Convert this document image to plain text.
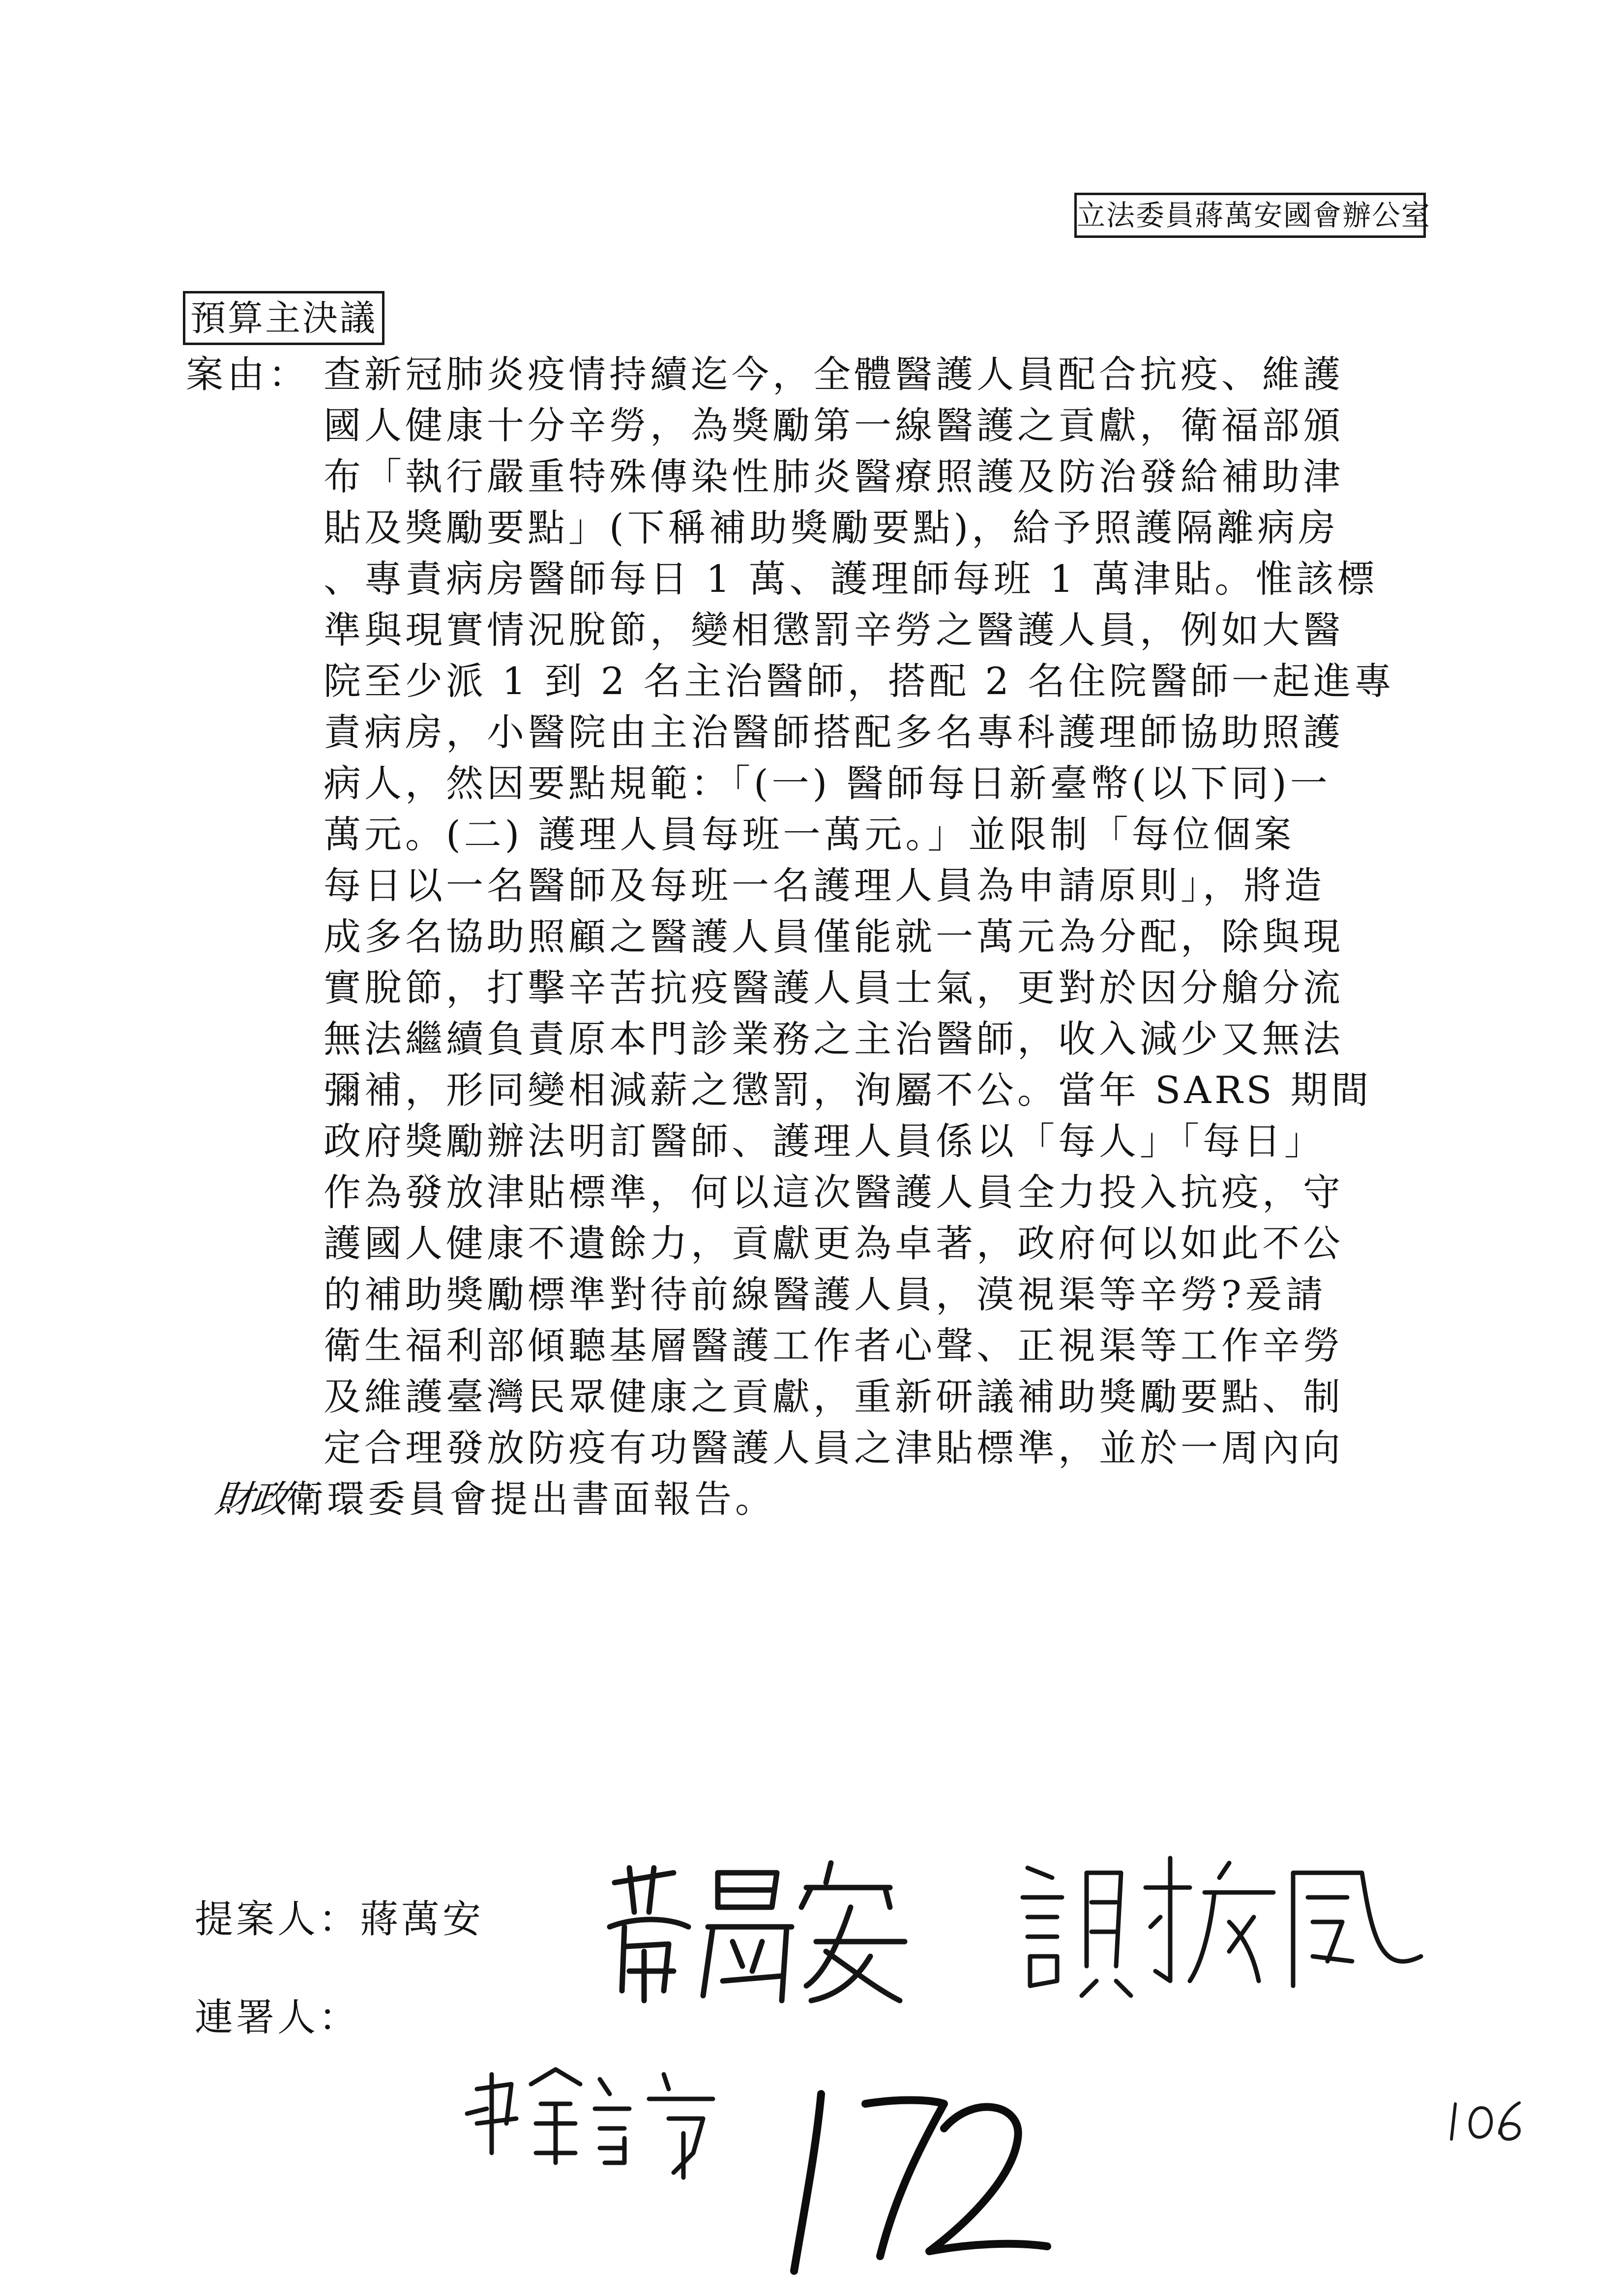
立法委員蔣萬安國會辦公室
預算主決議
案由： 查新冠肺炎疫情持續迄今，全體醫護人員配合抗疫、維護
國人健康十分辛勞，為獎勵第一線醫護之貢獻，衛福部頒
布「執行嚴重特殊傳染性肺炎醫療照護及防治發給補助津
貼及獎勵要點」(下稱補助獎勵要點)，給予照護隔離病房
、專責病房醫師每日 1 萬、護理師每班 1 萬津貼。惟該標
準與現實情況脫節，變相懲罰辛勞之醫護人員，例如大醫
院至少派 1 到 2 名主治醫師，搭配 2 名住院醫師一起進專
責病房，小醫院由主治醫師搭配多名專科護理師協助照護
病人，然因要點規範：「(一) 醫師每日新臺幣(以下同)一
萬元。(二) 護理人員每班一萬元。」並限制「每位個案
每日以一名醫師及每班一名護理人員為申請原則」，將造
成多名協助照顧之醫護人員僅能就一萬元為分配，除與現
實脫節，打擊辛苦抗疫醫護人員士氣，更對於因分艙分流
無法繼續負責原本門診業務之主治醫師，收入減少又無法
彌補，形同變相減薪之懲罰，洵屬不公。當年 SARS 期間
政府獎勵辦法明訂醫師、護理人員係以「每人」「每日」
作為發放津貼標準，何以這次醫護人員全力投入抗疫，守
護國人健康不遺餘力，貢獻更為卓著，政府何以如此不公
的補助獎勵標準對待前線醫護人員，漠視渠等辛勞?爰請
衛生福利部傾聽基層醫護工作者心聲、正視渠等工作辛勞
及維護臺灣民眾健康之貢獻，重新研議補助獎勵要點、制
定合理發放防疫有功醫護人員之津貼標準，並於一周內向
財政衛環委員會提出書面報告。
提案人：蔣萬安
連署人：
